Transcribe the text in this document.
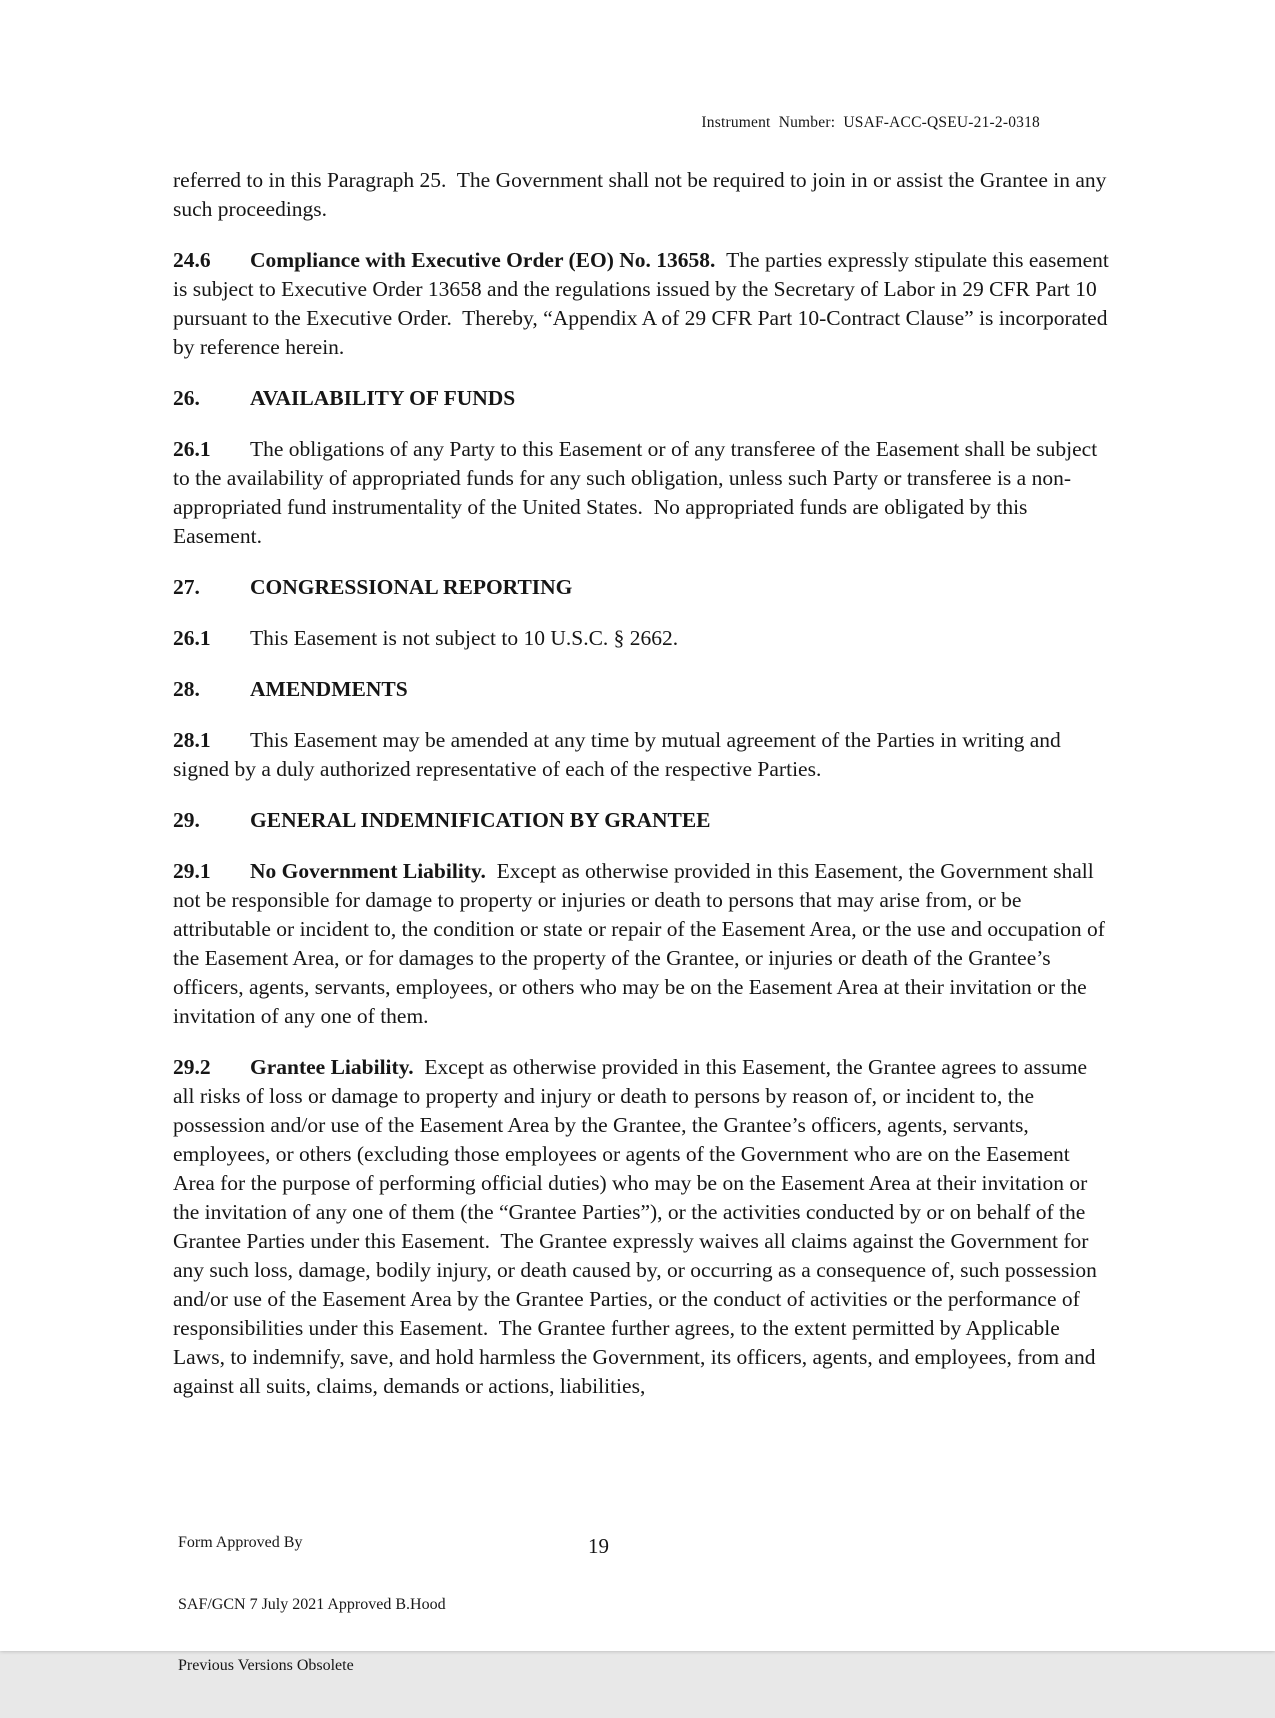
Instrument  Number:  USAF-ACC-QSEU-21-2-0318

referred to in this Paragraph 25.  The Government shall not be required to join in or assist the Grantee in any such proceedings.

24.6 Compliance with Executive Order (EO) No. 13658.  The parties expressly stipulate this easement is subject to Executive Order 13658 and the regulations issued by the Secretary of Labor in 29 CFR Part 10 pursuant to the Executive Order.  Thereby, “Appendix A of 29 CFR Part 10-Contract Clause” is incorporated by reference herein.

26. AVAILABILITY OF FUNDS

26.1 The obligations of any Party to this Easement or of any transferee of the Easement shall be subject to the availability of appropriated funds for any such obligation, unless such Party or transferee is a non-appropriated fund instrumentality of the United States.  No appropriated funds are obligated by this Easement.

27. CONGRESSIONAL REPORTING

26.1 This Easement is not subject to 10 U.S.C. § 2662.

28. AMENDMENTS

28.1 This Easement may be amended at any time by mutual agreement of the Parties in writing and signed by a duly authorized representative of each of the respective Parties.

29. GENERAL INDEMNIFICATION BY GRANTEE

29.1 No Government Liability.  Except as otherwise provided in this Easement, the Government shall not be responsible for damage to property or injuries or death to persons that may arise from, or be attributable or incident to, the condition or state or repair of the Easement Area, or the use and occupation of the Easement Area, or for damages to the property of the Grantee, or injuries or death of the Grantee’s officers, agents, servants, employees, or others who may be on the Easement Area at their invitation or the invitation of any one of them.

29.2 Grantee Liability.  Except as otherwise provided in this Easement, the Grantee agrees to assume all risks of loss or damage to property and injury or death to persons by reason of, or incident to, the possession and/or use of the Easement Area by the Grantee, the Grantee’s officers, agents, servants, employees, or others (excluding those employees or agents of the Government who are on the Easement Area for the purpose of performing official duties) who may be on the Easement Area at their invitation or the invitation of any one of them (the “Grantee Parties”), or the activities conducted by or on behalf of the Grantee Parties under this Easement.  The Grantee expressly waives all claims against the Government for any such loss, damage, bodily injury, or death caused by, or occurring as a consequence of, such possession and/or use of the Easement Area by the Grantee Parties, or the conduct of activities or the performance of responsibilities under this Easement.  The Grantee further agrees, to the extent permitted by Applicable Laws, to indemnify, save, and hold harmless the Government, its officers, agents, and employees, from and against all suits, claims, demands or actions, liabilities,

Form Approved By

SAF/GCN 7 July 2021 Approved B.Hood

Previous Versions Obsolete

19
